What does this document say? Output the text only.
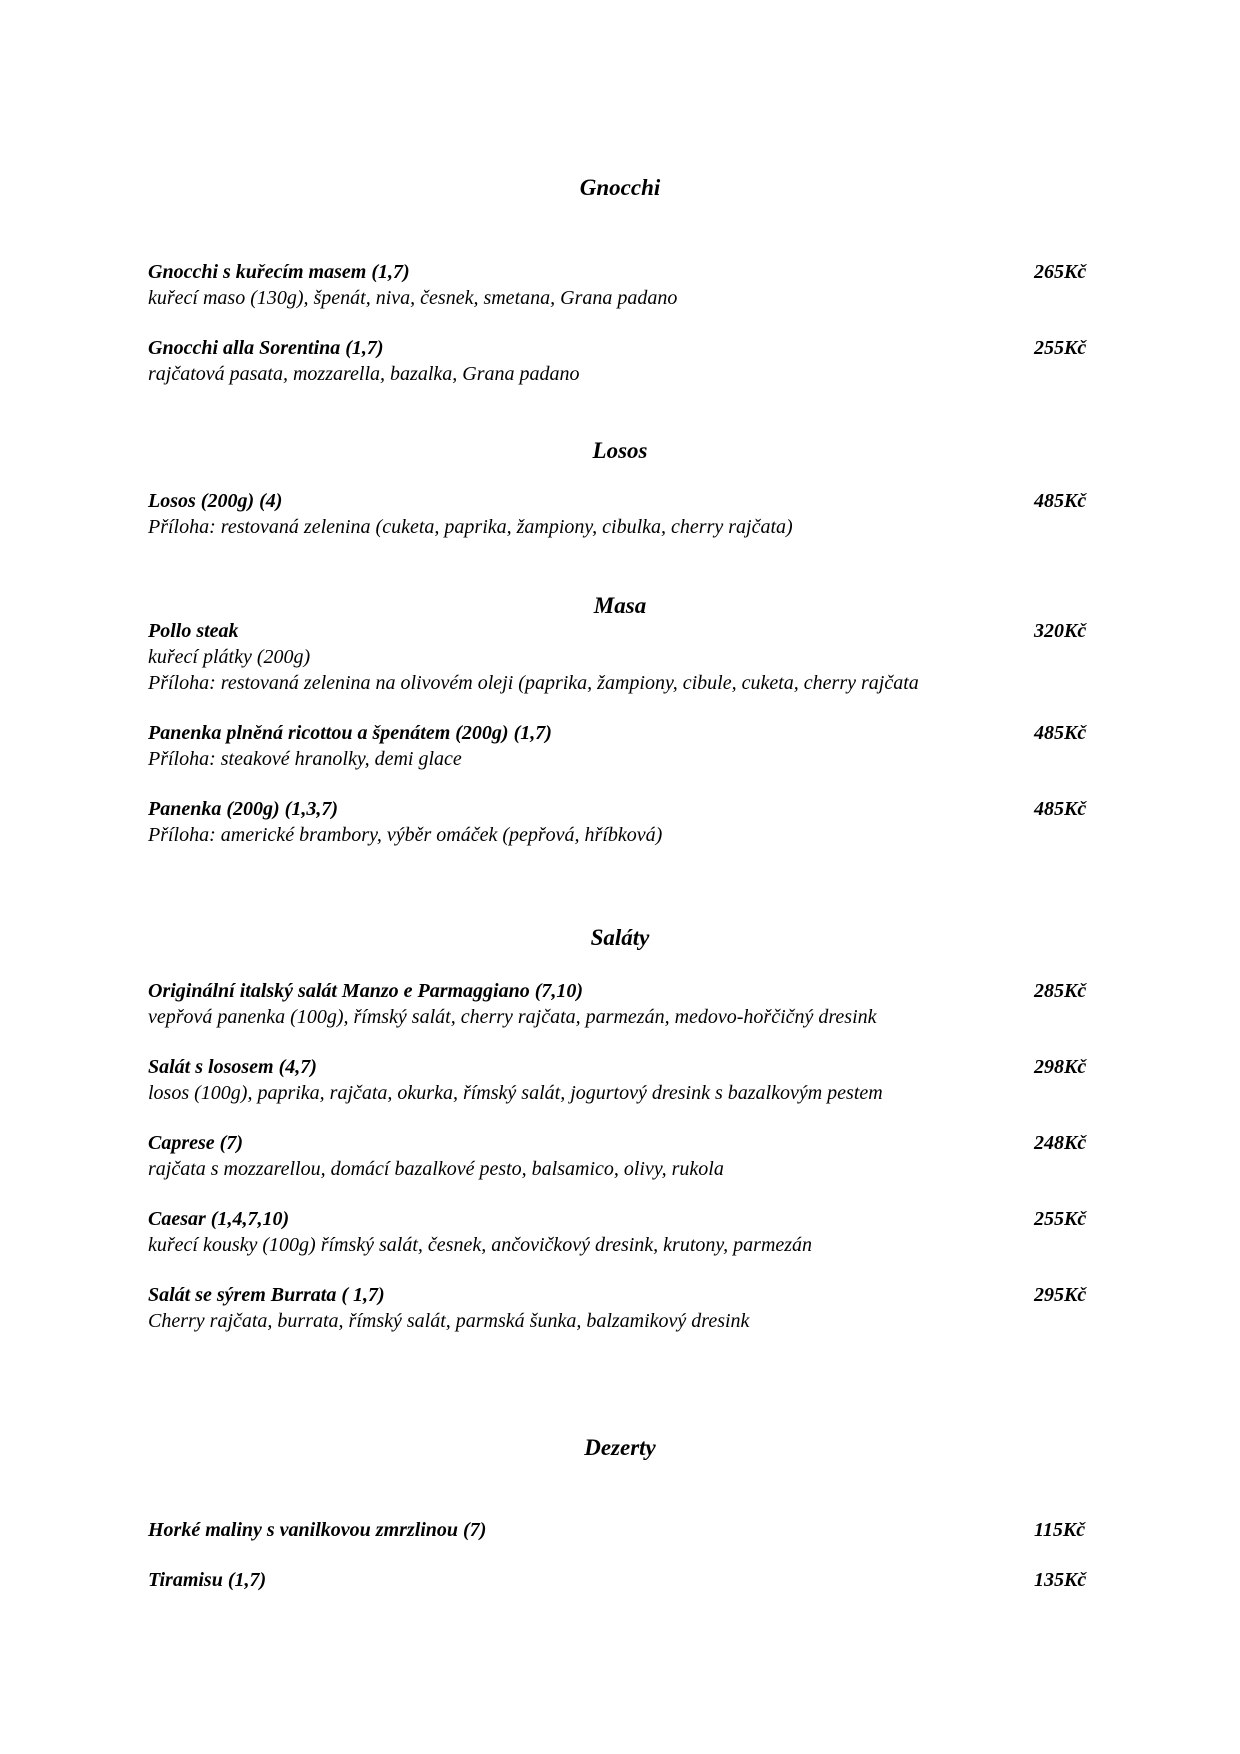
Gnocchi
Gnocchi s kuřecím masem (1,7)	265Kč
kuřecí maso (130g), špenát, niva, česnek, smetana, Grana padano
Gnocchi alla Sorentina (1,7)	255Kč
rajčatová pasata, mozzarella, bazalka, Grana padano
Losos
Losos (200g) (4)	485Kč
Příloha: restovaná zelenina (cuketa, paprika, žampiony, cibulka, cherry rajčata)
Masa
Pollo steak	320Kč
kuřecí plátky (200g)
Příloha: restovaná zelenina na olivovém oleji (paprika, žampiony, cibule, cuketa, cherry rajčata
Panenka plněná ricottou a špenátem (200g) (1,7)	485Kč
Příloha: steakové hranolky, demi glace
Panenka (200g) (1,3,7)	485Kč
Příloha: americké brambory, výběr omáček (pepřová, hříbková)
Saláty
Originální italský salát Manzo e Parmaggiano (7,10)	285Kč
vepřová panenka (100g), římský salát, cherry rajčata, parmezán, medovo-hořčičný dresink
Salát s lososem (4,7)	298Kč
losos (100g), paprika, rajčata, okurka, římský salát, jogurtový dresink s bazalkovým pestem
Caprese (7)	248Kč
rajčata s mozzarellou, domácí bazalkové pesto, balsamico, olivy, rukola
Caesar (1,4,7,10)	255Kč
kuřecí kousky (100g) římský salát, česnek, ančovičkový dresink, krutony, parmezán
Salát se sýrem Burrata ( 1,7)	295Kč
Cherry rajčata, burrata, římský salát, parmská šunka, balzamikový dresink
Dezerty
Horké maliny s vanilkovou zmrzlinou (7)	115Kč
Tiramisu (1,7)	135Kč
